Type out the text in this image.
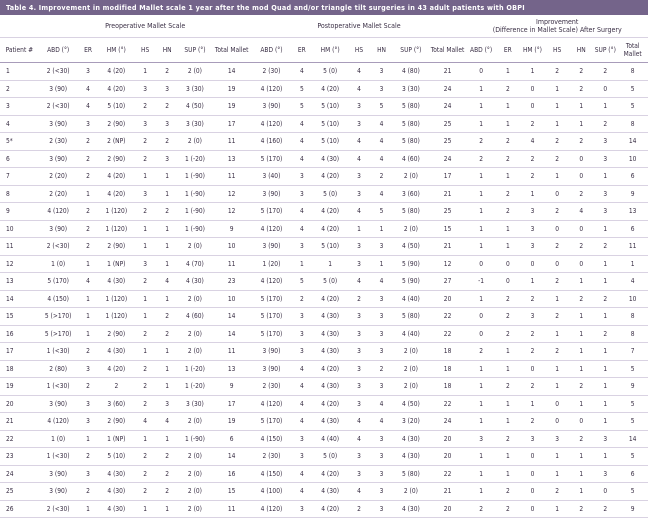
Table 4. Improvement in modified Mallet scale 1 year after the mod Quad and/or triangle tilt surgeries in 43 adult patients with OBPI
	Preoperative Mallet Scale							Postoperative Mallet Scale							Improvement
(Difference in Mallet Scale) After Surgery						
Patient #	ABD (°)	ER	HM (°)	HS	HN	SUP (°)	Total Mallet	ABD (°)	ER	HM (°)	HS	HN	SUP (°)	Total Mallet	ABD (°)	ER	HM (°)	HS	HN	SUP (°)	Total Mallet
1	2 (<30)	3	4 (20)	1	2	2 (0)	14	2 (30)	4	5 (0)	4	3	4 (80)	21	0	1	1	2	2	2	8
2	3 (90)	4	4 (20)	3	3	3 (30)	19	4 (120)	5	4 (20)	4	3	3 (30)	24	1	2	0	1	2	0	5
3	2 (<30)	4	5 (10)	2	2	4 (50)	19	3 (90)	5	5 (10)	3	5	5 (80)	24	1	1	0	1	1	1	5
4	3 (90)	3	2 (90)	3	3	3 (30)	17	4 (120)	4	5 (10)	3	4	5 (80)	25	1	1	2	1	1	2	8
5*	2 (30)	2	2 (NP)	2	2	2 (0)	11	4 (160)	4	5 (10)	4	4	5 (80)	25	2	2	4	2	2	3	14
6	3 (90)	2	2 (90)	2	3	1 (-20)	13	5 (170)	4	4 (30)	4	4	4 (60)	24	2	2	2	2	0	3	10
7	2 (20)	2	4 (20)	1	1	1 (-90)	11	3 (40)	3	4 (20)	3	2	2 (0)	17	1	1	2	1	0	1	6
8	2 (20)	1	4 (20)	3	1	1 (-90)	12	3 (90)	3	5 (0)	3	4	3 (60)	21	1	2	1	0	2	3	9
9	4 (120)	2	1 (120)	2	2	1 (-90)	12	5 (170)	4	4 (20)	4	5	5 (80)	25	1	2	3	2	4	3	13
10	3 (90)	2	1 (120)	1	1	1 (-90)	9	4 (120)	4	4 (20)	1	1	2 (0)	15	1	1	3	0	0	1	6
11	2 (<30)	2	2 (90)	1	1	2 (0)	10	3 (90)	3	5 (10)	3	3	4 (50)	21	1	1	3	2	2	2	11
12	1 (0)	1	1 (NP)	3	1	4 (70)	11	1 (20)	1	1	3	1	5 (90)	12	0	0	0	0	0	1	1
13	5 (170)	4	4 (30)	2	4	4 (30)	23	4 (120)	5	5 (0)	4	4	5 (90)	27	-1	0	1	2	1	1	4
14	4 (150)	1	1 (120)	1	1	2 (0)	10	5 (170)	2	4 (20)	2	3	4 (40)	20	1	2	2	1	2	2	10
15	5 (>170)	1	1 (120)	1	2	4 (60)	14	5 (170)	3	4 (30)	3	3	5 (80)	22	0	2	3	2	1	1	8
16	5 (>170)	1	2 (90)	2	2	2 (0)	14	5 (170)	3	4 (30)	3	3	4 (40)	22	0	2	2	1	1	2	8
17	1 (<30)	2	4 (30)	1	1	2 (0)	11	3 (90)	3	4 (30)	3	3	2 (0)	18	2	1	2	2	1	1	7
18	2 (80)	3	4 (20)	2	1	1 (-20)	13	3 (90)	4	4 (20)	3	2	2 (0)	18	1	1	0	1	1	1	5
19	1 (<30)	2	2	2	1	1 (-20)	9	2 (30)	4	4 (30)	3	3	2 (0)	18	1	2	2	1	2	1	9
20	3 (90)	3	3 (60)	2	3	3 (30)	17	4 (120)	4	4 (20)	3	4	4 (50)	22	1	1	1	0	1	1	5
21	4 (120)	3	2 (90)	4	4	2 (0)	19	5 (170)	4	4 (30)	4	4	3 (20)	24	1	1	2	0	0	1	5
22	1 (0)	1	1 (NP)	1	1	1 (-90)	6	4 (150)	3	4 (40)	4	3	4 (30)	20	3	2	3	3	2	3	14
23	1 (<30)	2	5 (10)	2	2	2 (0)	14	2 (30)	3	5 (0)	3	3	4 (30)	20	1	1	0	1	1	1	5
24	3 (90)	3	4 (30)	2	2	2 (0)	16	4 (150)	4	4 (20)	3	3	5 (80)	22	1	1	0	1	1	3	6
25	3 (90)	2	4 (30)	2	2	2 (0)	15	4 (100)	4	4 (30)	4	3	2 (0)	21	1	2	0	2	1	0	5
26	2 (<30)	1	4 (30)	1	1	2 (0)	11	4 (120)	3	4 (20)	2	3	4 (30)	20	2	2	0	1	2	2	9
